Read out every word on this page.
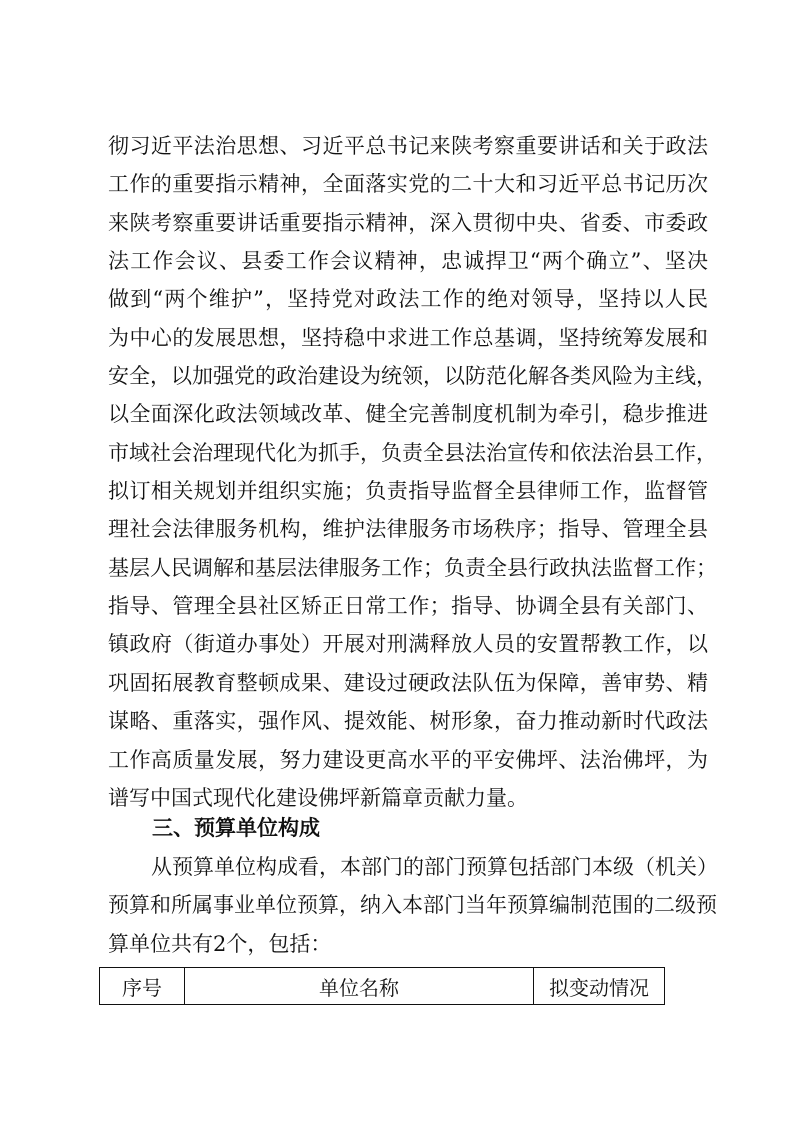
彻习近平法治思想、习近平总书记来陕考察重要讲话和关于政法
工作的重要指示精神，全面落实党的二十大和习近平总书记历次
来陕考察重要讲话重要指示精神，深入贯彻中央、省委、市委政
法工作会议、县委工作会议精神，忠诚捍卫“两个确立”、坚决
做到“两个维护”，坚持党对政法工作的绝对领导，坚持以人民
为中心的发展思想，坚持稳中求进工作总基调，坚持统筹发展和
安全，以加强党的政治建设为统领，以防范化解各类风险为主线，
以全面深化政法领域改革、健全完善制度机制为牵引，稳步推进
市域社会治理现代化为抓手，负责全县法治宣传和依法治县工作，
拟订相关规划并组织实施；负责指导监督全县律师工作，监督管
理社会法律服务机构，维护法律服务市场秩序；指导、管理全县
基层人民调解和基层法律服务工作；负责全县行政执法监督工作；
指导、管理全县社区矫正日常工作；指导、协调全县有关部门、
镇政府（街道办事处）开展对刑满释放人员的安置帮教工作，以
巩固拓展教育整顿成果、建设过硬政法队伍为保障，善审势、精
谋略、重落实，强作风、提效能、树形象，奋力推动新时代政法
工作高质量发展，努力建设更高水平的平安佛坪、法治佛坪，为
谱写中国式现代化建设佛坪新篇章贡献力量。
三、预算单位构成
从预算单位构成看，本部门的部门预算包括部门本级（机关）
预算和所属事业单位预算，纳入本部门当年预算编制范围的二级预
算单位共有2个，包括：
序号	单位名称	拟变动情况
